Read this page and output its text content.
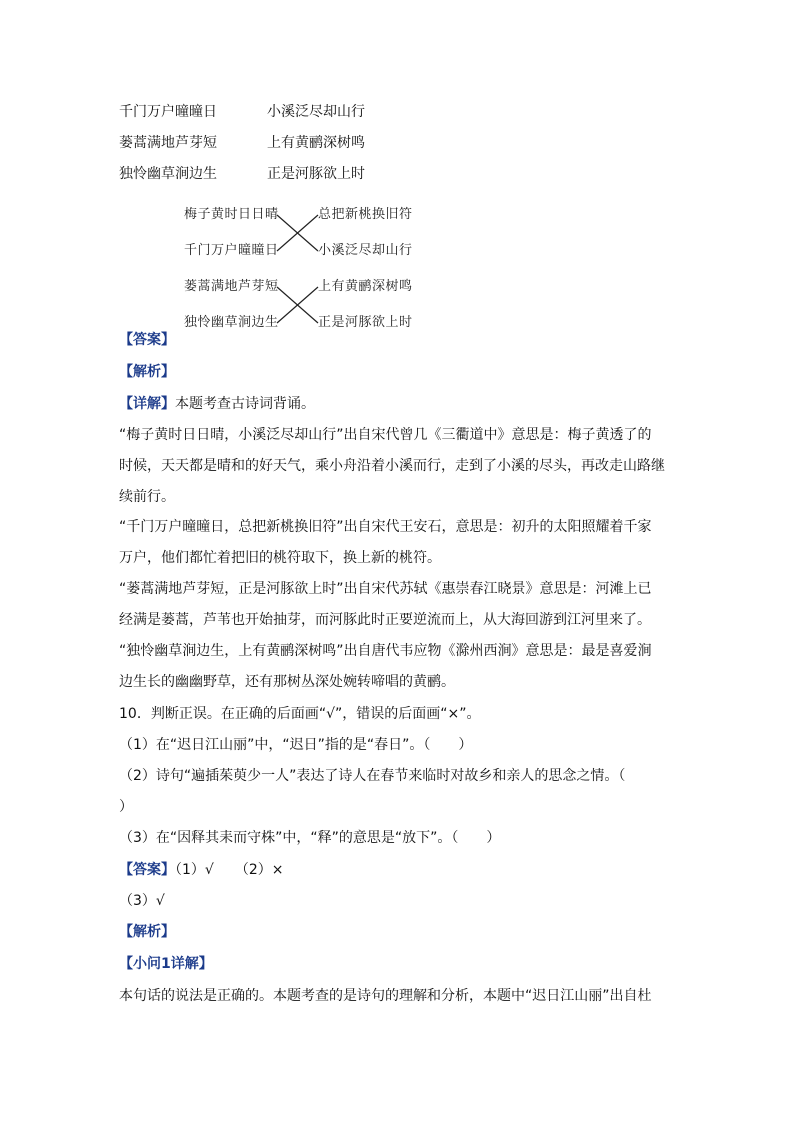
千门万户曈曈日	小溪泛尽却山行
蒌蒿满地芦芽短	上有黄鹂深树鸣
独怜幽草涧边生	正是河豚欲上时
梅子黄时日日晴
千门万户曈曈日
蒌蒿满地芦芽短
独怜幽草涧边生
总把新桃换旧符
小溪泛尽却山行
上有黄鹂深树鸣
正是河豚欲上时
【答案】
【解析】
【详解】本题考查古诗词背诵。
“梅子黄时日日晴，小溪泛尽却山行”出自宋代曾几《三衢道中》意思是：梅子黄透了的
时候，天天都是晴和的好天气，乘小舟沿着小溪而行，走到了小溪的尽头，再改走山路继
续前行。
“千门万户曈曈日，总把新桃换旧符”出自宋代王安石，意思是：初升的太阳照耀着千家
万户，他们都忙着把旧的桃符取下，换上新的桃符。
“蒌蒿满地芦芽短，正是河豚欲上时”出自宋代苏轼《惠崇春江晓景》意思是：河滩上已
经满是蒌蒿，芦苇也开始抽芽，而河豚此时正要逆流而上，从大海回游到江河里来了。
“独怜幽草涧边生，上有黄鹂深树鸣”出自唐代韦应物《滁州西涧》意思是：最是喜爱涧
边生长的幽幽野草，还有那树丛深处婉转啼唱的黄鹂。
10．判断正误。在正确的后面画“√”，错误的后面画“×”。
（1）在“迟日江山丽”中，“迟日”指的是“春日”。（　　）
（2）诗句“遍插茱萸少一人”表达了诗人在春节来临时对故乡和亲人的思念之情。（
）
（3）在“因释其耒而守株”中，“释”的意思是“放下”。（　　）
【答案】（1）√　　（2）×
（3）√
【解析】
【小问1详解】
本句话的说法是正确的。本题考查的是诗句的理解和分析，本题中“迟日江山丽”出自杜
